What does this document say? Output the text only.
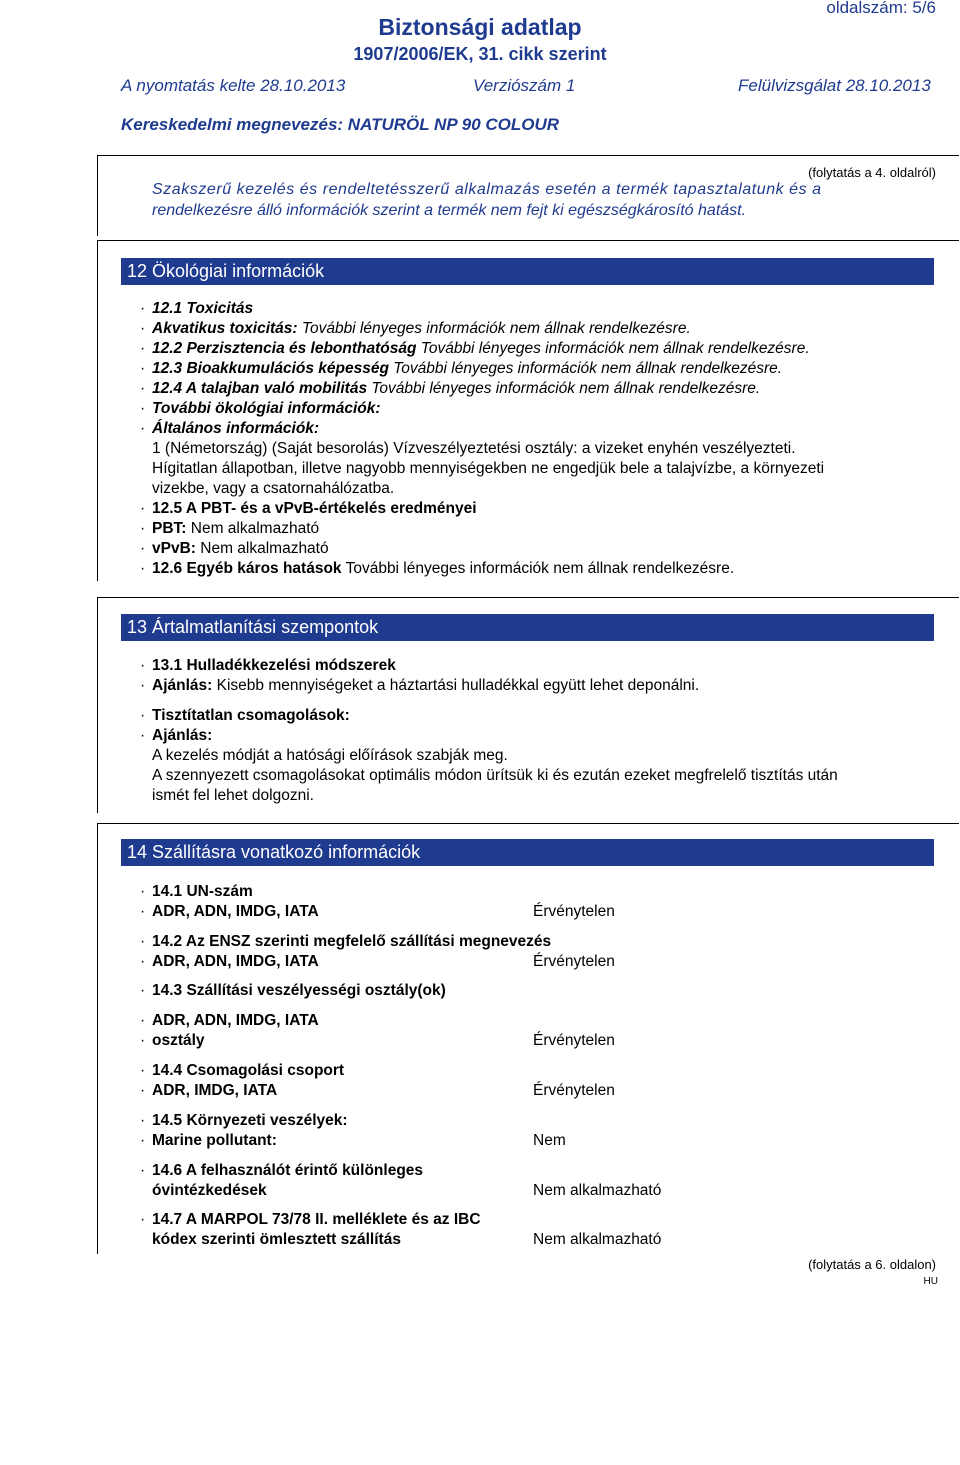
oldalszám: 5/6
Biztonsági adatlap
1907/2006/EK, 31. cikk szerint
A nyomtatás kelte 28.10.2013	Verziószám 1	Felülvizsgálat 28.10.2013
Kereskedelmi megnevezés: NATURÖL NP 90 COLOUR
(folytatás a 4. oldalról)
Szakszerű kezelés és rendeltetésszerű alkalmazás esetén a termék tapasztalatunk és a
rendelkezésre álló információk szerint a termék nem fejt ki egészségkárosító hatást.
12 Ökológiai információk
· 12.1 Toxicitás
· Akvatikus toxicitás: További lényeges információk nem állnak rendelkezésre.
· 12.2 Perzisztencia és lebonthatóság További lényeges információk nem állnak rendelkezésre.
· 12.3 Bioakkumulációs képesség További lényeges információk nem állnak rendelkezésre.
· 12.4 A talajban való mobilitás További lényeges információk nem állnak rendelkezésre.
· További ökológiai információk:
· Általános információk:
1 (Németország) (Saját besorolás) Vízveszélyeztetési osztály: a vizeket enyhén veszélyezteti.
Hígitatlan állapotban, illetve nagyobb mennyiségekben ne engedjük bele a talajvízbe, a környezeti
vizekbe, vagy a csatornahálózatba.
· 12.5 A PBT- és a vPvB-értékelés eredményei
· PBT: Nem alkalmazható
· vPvB: Nem alkalmazható
· 12.6 Egyéb káros hatások További lényeges információk nem állnak rendelkezésre.
13 Ártalmatlanítási szempontok
· 13.1 Hulladékkezelési módszerek
· Ajánlás: Kisebb mennyiségeket a háztartási hulladékkal együtt lehet deponálni.
· Tisztítatlan csomagolások:
· Ajánlás:
A kezelés módját a hatósági előírások szabják meg.
A szennyezett csomagolásokat optimális módon ürítsük ki és ezután ezeket megfrelelő tisztítás után
ismét fel lehet dolgozni.
14 Szállításra vonatkozó információk
· 14.1 UN-szám
· ADR, ADN, IMDG, IATA	Érvénytelen
· 14.2 Az ENSZ szerinti megfelelő szállítási megnevezés
· ADR, ADN, IMDG, IATA	Érvénytelen
· 14.3 Szállítási veszélyességi osztály(ok)
· ADR, ADN, IMDG, IATA
· osztály	Érvénytelen
· 14.4 Csomagolási csoport
· ADR, IMDG, IATA	Érvénytelen
· 14.5 Környezeti veszélyek:
· Marine pollutant:	Nem
· 14.6 A felhasználót érintő különleges
óvintézkedések	Nem alkalmazható
· 14.7 A MARPOL 73/78 II. melléklete és az IBC
kódex szerinti ömlesztett szállítás	Nem alkalmazható
(folytatás a 6. oldalon)
HU
